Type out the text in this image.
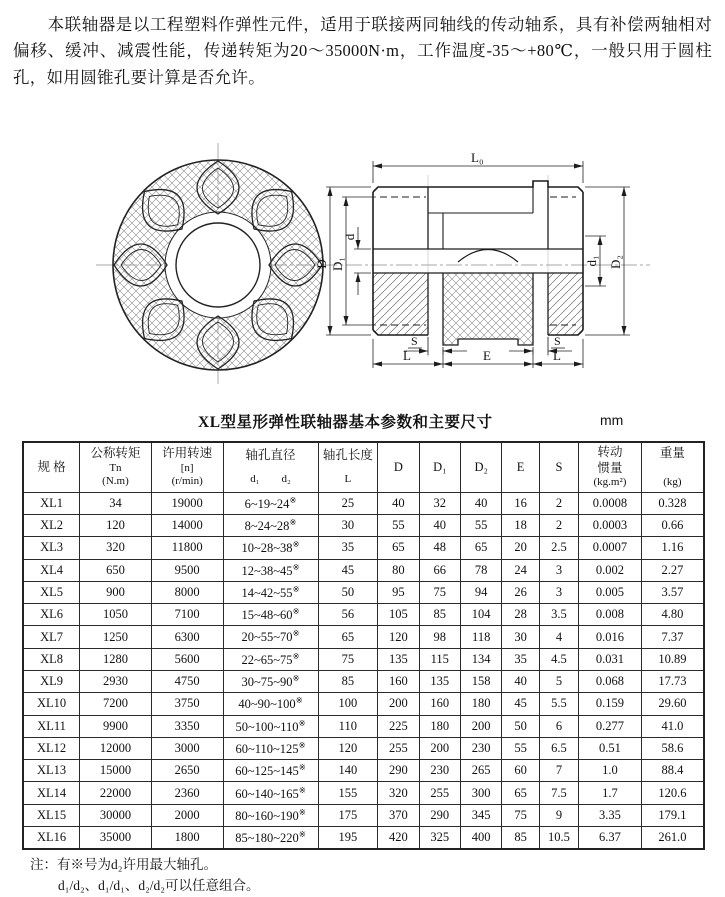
本联轴器是以工程塑料作弹性元件，适用于联接两同轴线的传动轴系，具有补偿两轴相对偏移、缓冲、减震性能，传递转矩为20～35000N·m，工作温度-35～+80℃，一般只用于圆柱孔，如用圆锥孔要计算是否允许。
L₀
D D₁
d
d₁ D₂
S	S
L	E	L
XL型星形弹性联轴器基本参数和主要尺寸	mm
规 格

公称转矩
Tn
(N.m)

许用转速
[n]
(r/min)

轴孔直径
d₁　　d₂

轴孔长度
L

D	D₁	D₂	E	S

转动
惯量
(kg.m²)

重量
(kg)

XL1	34	19000	6~19~24※	25	40	32	40	16	2	0.0008	0.328
XL2	120	14000	8~24~28※	30	55	40	55	18	2	0.0003	0.66
XL3	320	11800	10~28~38※	35	65	48	65	20	2.5	0.0007	1.16
XL4	650	9500	12~38~45※	45	80	66	78	24	3	0.002	2.27
XL5	900	8000	14~42~55※	50	95	75	94	26	3	0.005	3.57
XL6	1050	7100	15~48~60※	56	105	85	104	28	3.5	0.008	4.80
XL7	1250	6300	20~55~70※	65	120	98	118	30	4	0.016	7.37
XL8	1280	5600	22~65~75※	75	135	115	134	35	4.5	0.031	10.89
XL9	2930	4750	30~75~90※	85	160	135	158	40	5	0.068	17.73
XL10	7200	3750	40~90~100※	100	200	160	180	45	5.5	0.159	29.60
XL11	9900	3350	50~100~110※	110	225	180	200	50	6	0.277	41.0
XL12	12000	3000	60~110~125※	120	255	200	230	55	6.5	0.51	58.6
XL13	15000	2650	60~125~145※	140	290	230	265	60	7	1.0	88.4
XL14	22000	2360	60~140~165※	155	320	255	300	65	7.5	1.7	120.6
XL15	30000	2000	80~160~190※	175	370	290	345	75	9	3.35	179.1
XL16	35000	1800	85~180~220※	195	420	325	400	85	10.5	6.37	261.0
注：有※号为d₂许用最大轴孔。
d₁/d₂、d₁/d₁、d₂/d₂可以任意组合。
